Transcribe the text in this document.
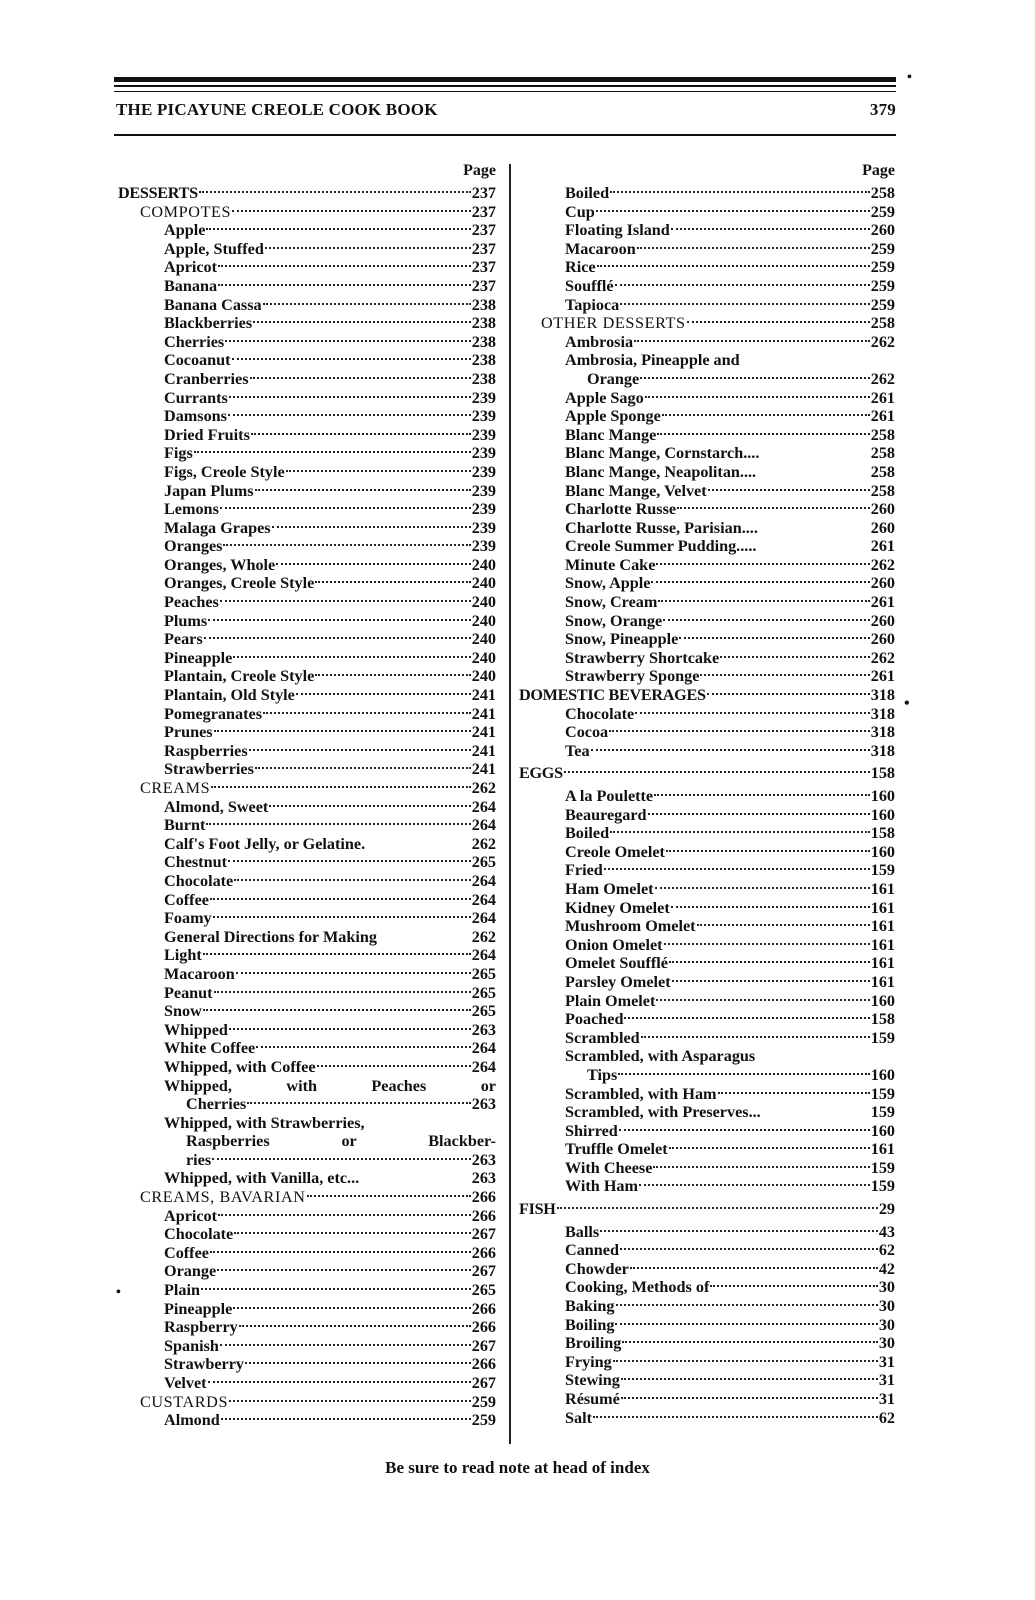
•
•
•
THE PICAYUNE CREOLE COOK BOOK	379
Page
DESSERTS	237
COMPOTES	237
Apple	237
Apple, Stuffed	237
Apricot	237
Banana	237
Banana Cassa	238
Blackberries	238
Cherries	238
Cocoanut	238
Cranberries	238
Currants	239
Damsons	239
Dried Fruits	239
Figs	239
Figs, Creole Style	239
Japan Plums	239
Lemons	239
Malaga Grapes	239
Oranges	239
Oranges, Whole	240
Oranges, Creole Style	240
Peaches	240
Plums	240
Pears	240
Pineapple	240
Plantain, Creole Style	240
Plantain, Old Style	241
Pomegranates	241
Prunes	241
Raspberries	241
Strawberries	241
CREAMS	262
Almond, Sweet	264
Burnt	264
Calf's Foot Jelly, or Gelatine.	262
Chestnut	265
Chocolate	264
Coffee	264
Foamy	264
General Directions for Making	262
Light	264
Macaroon	265
Peanut	265
Snow	265
Whipped	263
White Coffee	264
Whipped, with Coffee	264
Whipped, with Peaches or
Cherries	263
Whipped, with Strawberries,
Raspberries or Blackber-
ries	263
Whipped, with Vanilla, etc...	263
CREAMS, BAVARIAN	266
Apricot	266
Chocolate	267
Coffee	266
Orange	267
Plain	265
Pineapple	266
Raspberry	266
Spanish	267
Strawberry	266
Velvet	267
CUSTARDS	259
Almond	259
Page
Boiled	258
Cup	259
Floating Island	260
Macaroon	259
Rice	259
Soufflé	259
Tapioca	259
OTHER DESSERTS	258
Ambrosia	262
Ambrosia, Pineapple and
Orange	262
Apple Sago	261
Apple Sponge	261
Blanc Mange	258
Blanc Mange, Cornstarch....	258
Blanc Mange, Neapolitan....	258
Blanc Mange, Velvet	258
Charlotte Russe	260
Charlotte Russe, Parisian....	260
Creole Summer Pudding.....	261
Minute Cake	262
Snow, Apple	260
Snow, Cream	261
Snow, Orange	260
Snow, Pineapple	260
Strawberry Shortcake	262
Strawberry Sponge	261
DOMESTIC BEVERAGES	318
Chocolate	318
Cocoa	318
Tea	318
EGGS	158
A la Poulette	160
Beauregard	160
Boiled	158
Creole Omelet	160
Fried	159
Ham Omelet	161
Kidney Omelet	161
Mushroom Omelet	161
Onion Omelet	161
Omelet Soufflé	161
Parsley Omelet	161
Plain Omelet	160
Poached	158
Scrambled	159
Scrambled, with Asparagus
Tips	160
Scrambled, with Ham	159
Scrambled, with Preserves...	159
Shirred	160
Truffle Omelet	161
With Cheese	159
With Ham	159
FISH	29
Balls	43
Canned	62
Chowder	42
Cooking, Methods of	30
Baking	30
Boiling	30
Broiling	30
Frying	31
Stewing	31
Résumé	31
Salt	62
Be sure to read note at head of index
